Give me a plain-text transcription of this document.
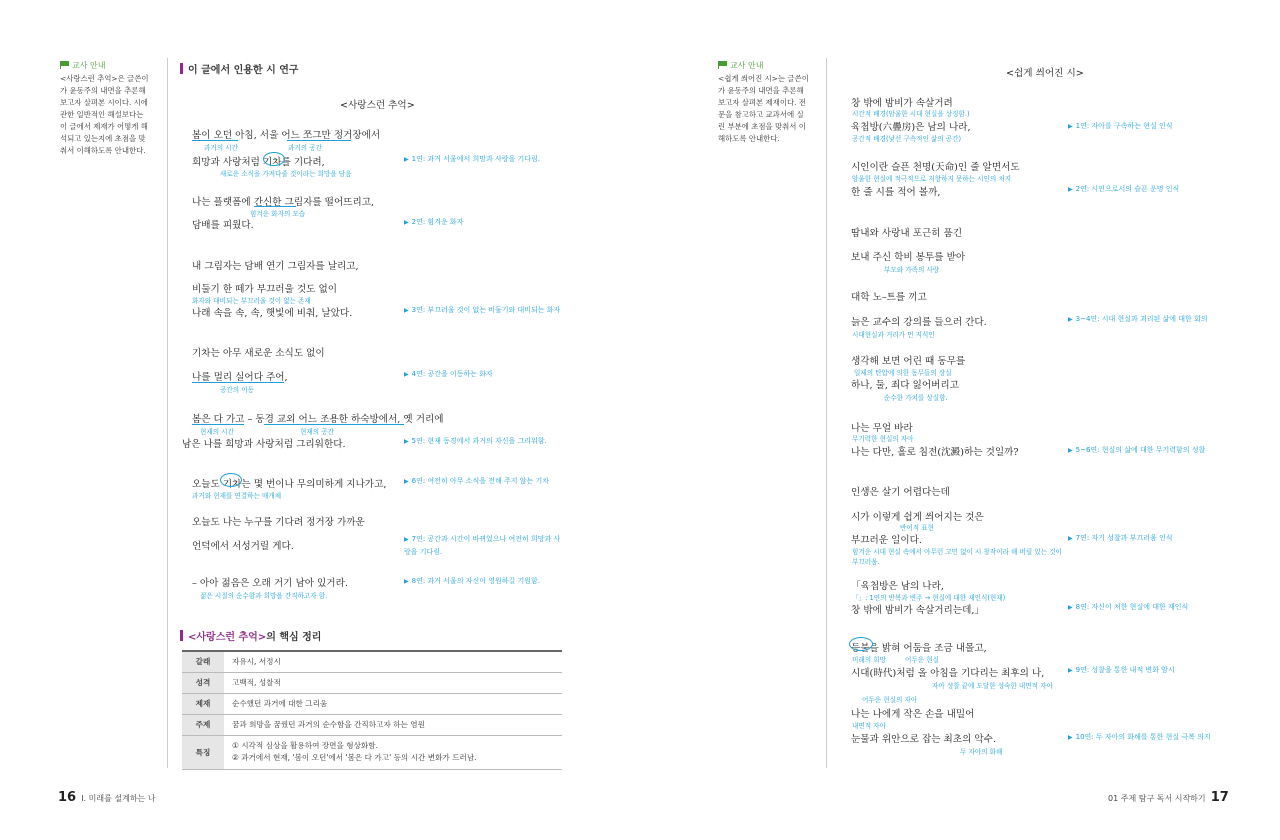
교사 안내
<사랑스런 추억>은 글쓴이
가 윤동주의 내면을 추론해
보고자 살펴본 시이다. 시에
관한 일반적인 해설보다는
이 글에서 제재가 어떻게 해
석되고 있는지에 초점을 맞
춰서 이해하도록 안내한다.
이 글에서 인용한 시 연구
<사랑스런 추억>
봄이 오던 아침, 서울 어느 쪼그만 정거장에서
과거의 시간	과거의 공간
희망과 사랑처럼 기차를 기다려,
새로운 소식을 가져다줄 것이라는 희망을 담음
▶ 1연: 과거 서울에서 희망과 사랑을 기다림.
나는 플랫폼에 간신한 그림자를 떨어뜨리고,
힘겨운 화자의 모습
담배를 피웠다.	▶ 2연: 힘겨운 화자
내 그림자는 담배 연기 그림자를 날리고,
비둘기 한 떼가 부끄러울 것도 없이
화자와 대비되는 부끄러울 것이 없는 존재
나래 속을 속, 속, 햇빛에 비춰, 날았다.	▶ 3연: 부끄러울 것이 없는 비둘기와 대비되는 화자
기차는 아무 새로운 소식도 없이
나를 멀리 실어다 주어,
공간의 이동
▶ 4연: 공간을 이동하는 화자
봄은 다 가고 – 동경 교외 어느 조용한 하숙방에서, 옛 거리에
현재의 시간	현재의 공간
남은 나를 희망과 사랑처럼 그리워한다.	▶ 5연: 현재 동경에서 과거의 자신을 그리워함.
오늘도 기차는 몇 번이나 무의미하게 지나가고,
과거와 현재를 연결하는 매개체
▶ 6연: 여전히 아무 소식을 전해 주지 않는 기차
오늘도 나는 누구를 기다려 정거장 가까운
언덕에서 서성거릴 게다.
▶ 7연: 공간과 시간이 바뀌었으나 여전히 희망과 사랑을 기다림.
– 아아 젊음은 오래 거기 남아 있거라.
젊은 시절의 순수함과 희망을 간직하고자 함.
▶ 8연: 과거 서울의 자신이 영원하길 기원함.
<사랑스런 추억>의 핵심 정리
갈래	자유시, 서정시
성격	고백적, 성찰적
제재	순수했던 과거에 대한 그리움
주제	꿈과 희망을 꿈꿨던 과거의 순수함을 간직하고자 하는 염원
특징	① 시각적 심상을 활용하여 장면을 형상화함.
② 과거에서 현재, '봄이 오던'에서 '봄은 다 가고' 등의 시간 변화가 드러남.
16 I. 미래를 설계하는 나
교사 안내
<쉽게 씌어진 시>는 글쓴이
가 윤동주의 내면을 추론해
보고자 살펴본 제재이다. 전
문을 참고하고 교과서에 실
린 부분에 초점을 맞춰서 이
해하도록 안내한다.
<쉽게 씌어진 시>
창 밖에 밤비가 속살거려
시간적 배경(암울한 시대 현실을 상징함.)
육첩방(六疊房)은 남의 나라,
공간적 배경(낯선 구속적인 삶의 공간)
▶ 1연: 자아를 구속하는 현실 인식
시인이란 슬픈 천명(天命)인 줄 알면서도
암울한 현실에 적극적으로 저항하지 못하는 시인의 처지
한 줄 시를 적어 볼까,	▶ 2연: 시인으로서의 슬픈 운명 인식
땀내와 사랑내 포근히 품긴
보내 주신 학비 봉투를 받아
부모와 가족의 사랑
대학 노–트를 끼고
늙은 교수의 강의를 들으러 간다.
시대현실과 거리가 먼 지식인
▶ 3~4연: 시대 현실과 괴리된 삶에 대한 회의
생각해 보면 어린 때 동무를
일제의 탄압에 의한 동무들의 상실
하나, 둘, 죄다 잃어버리고
순수한 가치를 상실함.
나는 무얼 바라
무기력한 현실의 자아
나는 다만, 홀로 침전(沈澱)하는 것일까?	▶ 5~6연: 현실의 삶에 대한 무기력함의 성찰
인생은 살기 어렵다는데
시가 이렇게 쉽게 씌어지는 것은
반어적 표현
부끄러운 일이다.
힘겨운 시대 현실 속에서 아무런 고민 없이 시 창작이라 해 버릴 있는 것이 부끄러움.
▶ 7연: 자기 성찰과 부끄러움 인식
「육첩방은 남의 나라,
「」: 1연의 반복과 변주 → 현실에 대한 재인식(현재)
창 밖에 밤비가 속살거리는데,」	▶ 8연: 자신이 처한 현실에 대한 재인식
등불을 밝혀 어둠을 조금 내몰고,
미래의 희망	어두운 현실
시대(時代)처럼 올 아침을 기다리는 최후의 나,
자아 성찰 끝에 도달한 성숙한 내면적 자아
▶ 9연: 성찰을 통한 내적 변화 암시
어두운 현실의 자아
나는 나에게 작은 손을 내밀어
내면적 자아
눈물과 위안으로 잡는 최초의 악수.
두 자아의 화해
▶ 10연: 두 자아의 화해를 통한 현실 극복 의지
01 주제 탐구 독서 시작하기 17
